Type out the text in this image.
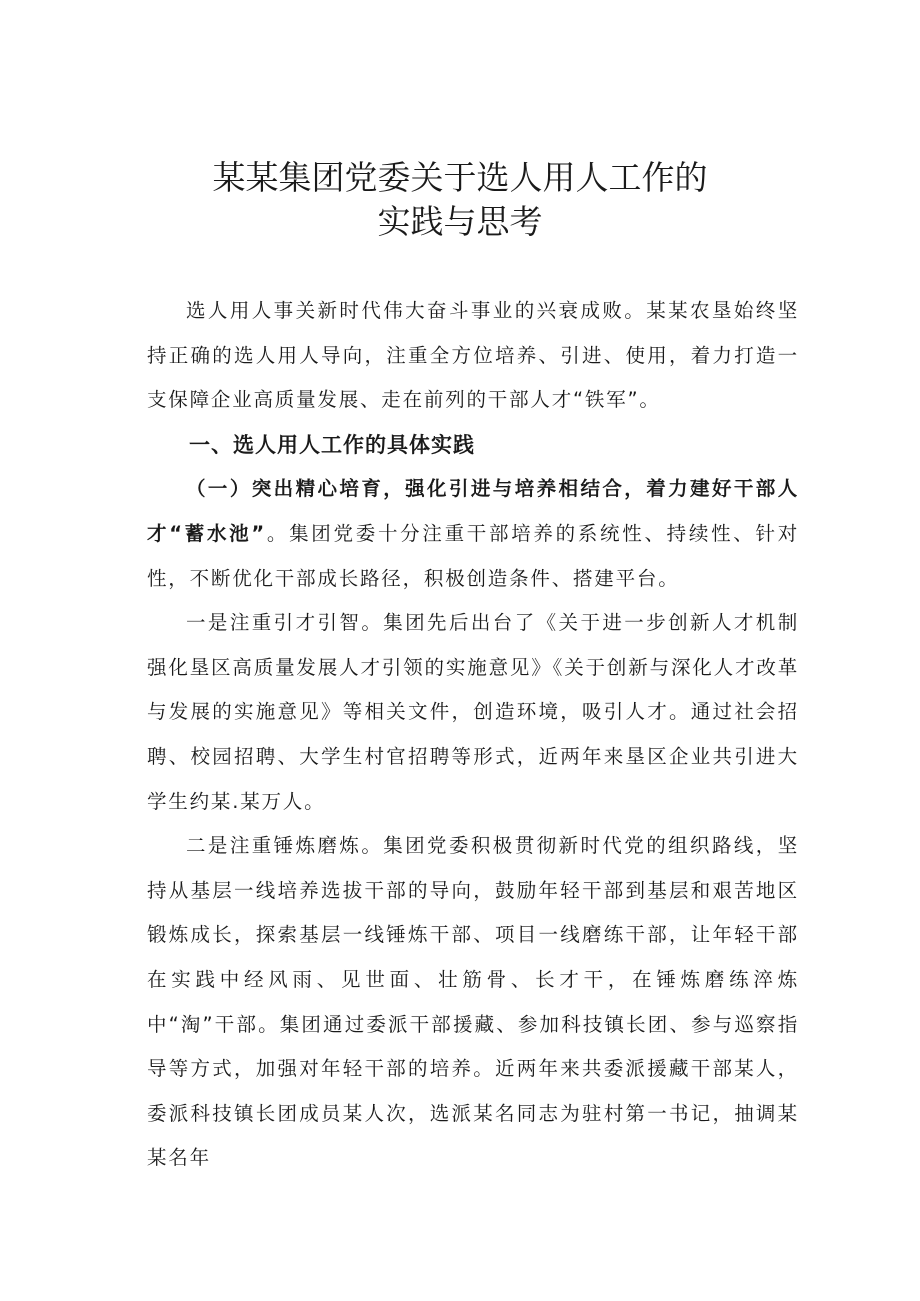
某某集团党委关于选人用人工作的
实践与思考

选人用人事关新时代伟大奋斗事业的兴衰成败。某某农垦始终坚持正确的选人用人导向，注重全方位培养、引进、使用，着力打造一支保障企业高质量发展、走在前列的干部人才“铁军”。

一、选人用人工作的具体实践

（一）突出精心培育，强化引进与培养相结合，着力建好干部人才“蓄水池”。集团党委十分注重干部培养的系统性、持续性、针对性，不断优化干部成长路径，积极创造条件、搭建平台。

一是注重引才引智。集团先后出台了《关于进一步创新人才机制强化垦区高质量发展人才引领的实施意见》《关于创新与深化人才改革与发展的实施意见》等相关文件，创造环境，吸引人才。通过社会招聘、校园招聘、大学生村官招聘等形式，近两年来垦区企业共引进大学生约某.某万人。

二是注重锤炼磨炼。集团党委积极贯彻新时代党的组织路线，坚持从基层一线培养选拔干部的导向，鼓励年轻干部到基层和艰苦地区锻炼成长，探索基层一线锤炼干部、项目一线磨练干部，让年轻干部在实践中经风雨、见世面、壮筋骨、长才干，在锤炼磨练淬炼中“淘”干部。集团通过委派干部援藏、参加科技镇长团、参与巡察指导等方式，加强对年轻干部的培养。近两年来共委派援藏干部某人，委派科技镇长团成员某人次，选派某名同志为驻村第一书记，抽调某某名年
